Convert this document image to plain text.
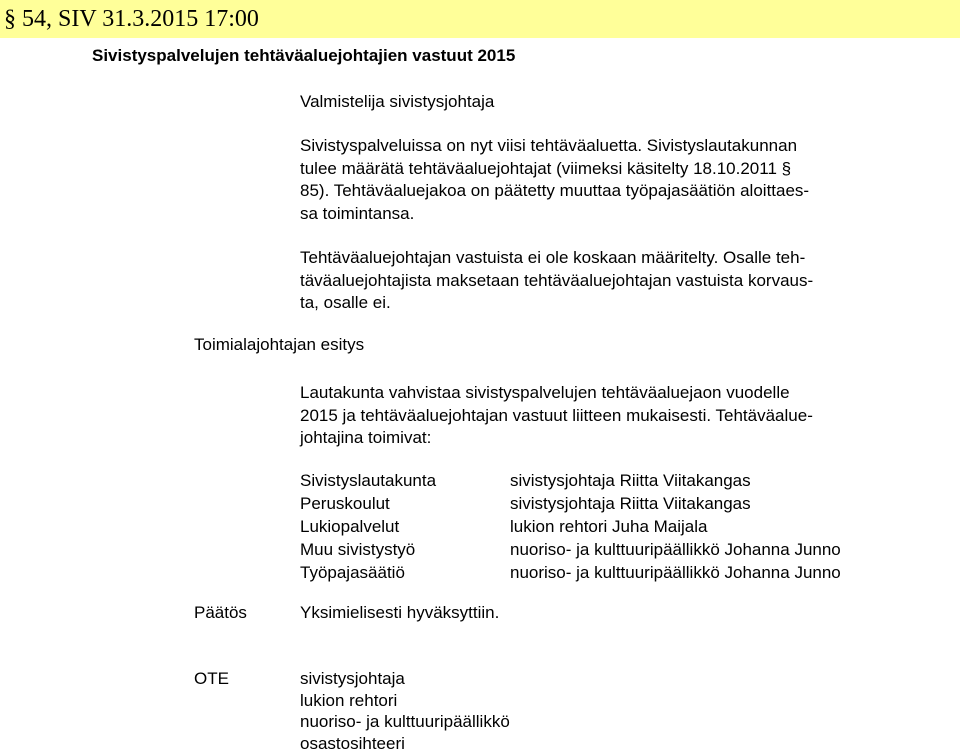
§ 54, SIV 31.3.2015 17:00
Sivistyspalvelujen tehtäväaluejohtajien vastuut 2015
Valmistelija sivistysjohtaja
Sivistyspalveluissa on nyt viisi tehtäväaluetta. Sivistyslautakunnan
tulee määrätä tehtäväaluejohtajat (viimeksi käsitelty 18.10.2011 §
85). Tehtäväaluejakoa on päätetty muuttaa työpajasäätiön aloittaes-
sa toimintansa.
Tehtäväaluejohtajan vastuista ei ole koskaan määritelty. Osalle teh-
täväaluejohtajista maksetaan tehtäväaluejohtajan vastuista korvaus-
ta, osalle ei.
Toimialajohtajan esitys
Lautakunta vahvistaa sivistyspalvelujen tehtäväaluejaon vuodelle
2015 ja tehtäväaluejohtajan vastuut liitteen mukaisesti. Tehtäväalue-
johtajina toimivat:
Sivistyslautakunta
Peruskoulut
Lukiopalvelut
Muu sivistystyö
Työpajasäätiö
sivistysjohtaja Riitta Viitakangas
sivistysjohtaja Riitta Viitakangas
lukion rehtori Juha Maijala
nuoriso- ja kulttuuripäällikkö Johanna Junno
nuoriso- ja kulttuuripäällikkö Johanna Junno
Päätös	Yksimielisesti hyväksyttiin.
OTE	sivistysjohtaja
lukion rehtori
nuoriso- ja kulttuuripäällikkö
osastosihteeri
